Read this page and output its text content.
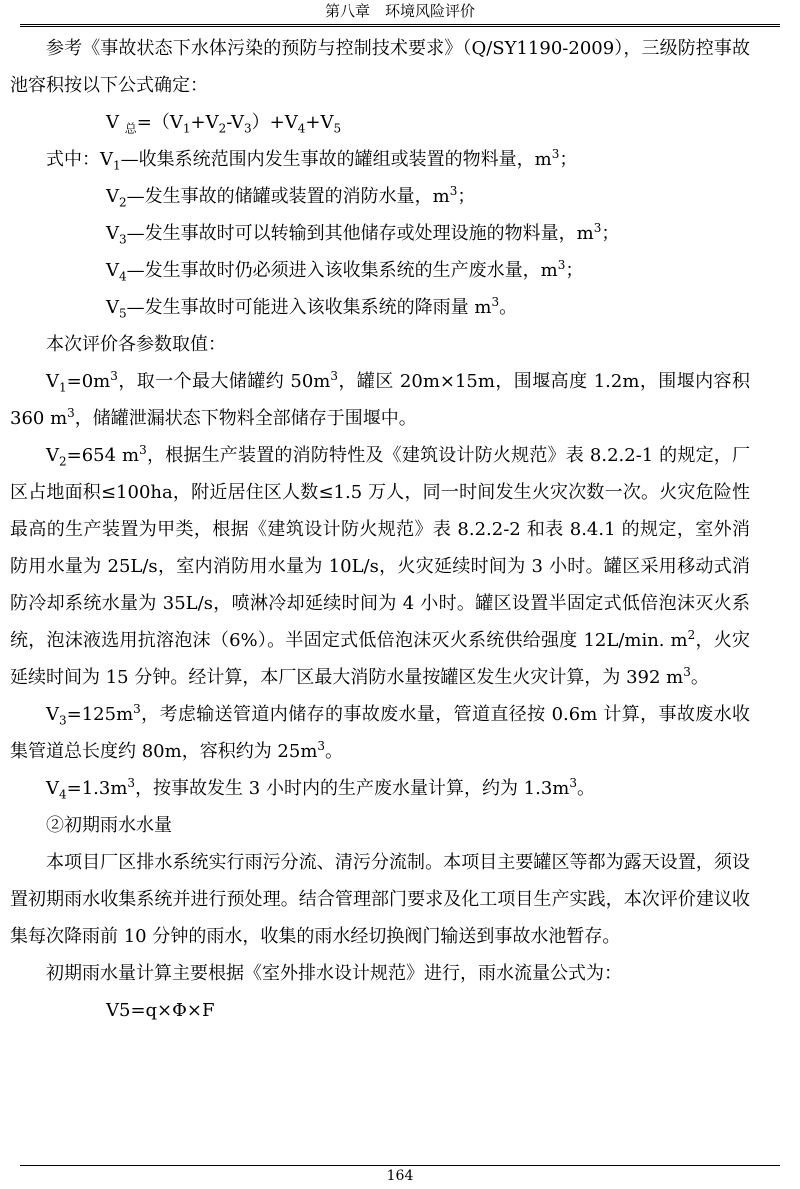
第八章　环境风险评价

参考《事故状态下水体污染的预防与控制技术要求》（Q/SY1190-2009），三级防控事故池容积按以下公式确定：

V $_总=(V_1+V_2-V_3)+V_4+V_5$

式中：$V_1—$收集系统范围内发生事故的罐组或装置的物料量，$m^3$；

$V_2—$发生事故的储罐或装置的消防水量，$m^3$；

$V_3—$发生事故时可以转输到其他储存或处理设施的物料量，$m^3$；

$V_4—$发生事故时仍必须进入该收集系统的生产废水量，$m^3$；

$V_5—$发生事故时可能进入该收集系统的降雨量 $m^3$。

本次评价各参数取值：

$V_1=0m^3$，取一个最大储罐约 $50m^3$，罐区 20m×15m，围堰高度 1.2m，围堰内容积 360 $m^3$，储罐泄漏状态下物料全部储存于围堰中。

$V_2=654$ $m^3$，根据生产装置的消防特性及《建筑设计防火规范》表 8.2.2-1 的规定，厂区占地面积≤100ha，附近居住区人数≤1.5 万人，同一时间发生火灾次数一次。火灾危险性最高的生产装置为甲类，根据《建筑设计防火规范》表 8.2.2-2 和表 8.4.1 的规定，室外消防用水量为 25L/s，室内消防用水量为 10L/s，火灾延续时间为 3 小时。罐区采用移动式消防冷却系统水量为 35L/s，喷淋冷却延续时间为 4 小时。罐区设置半固定式低倍泡沫灭火系统，泡沫液选用抗溶泡沫（6%）。半固定式低倍泡沫灭火系统供给强度 12L/min. $m^2$，火灾延续时间为 15 分钟。经计算，本厂区最大消防水量按罐区发生火灾计算，为 392 $m^3$。

$V_3=125m^3$，考虑输送管道内储存的事故废水量，管道直径按 0.6m 计算，事故废水收集管道总长度约 80m，容积约为 $25m^3$。

$V_4=1.3m^3$，按事故发生 3 小时内的生产废水量计算，约为 $1.3m^3$。

②初期雨水水量

本项目厂区排水系统实行雨污分流、清污分流制。本项目主要罐区等都为露天设置，须设置初期雨水收集系统并进行预处理。结合管理部门要求及化工项目生产实践，本次评价建议收集每次降雨前 10 分钟的雨水，收集的雨水经切换阀门输送到事故水池暂存。

初期雨水量计算主要根据《室外排水设计规范》进行，雨水流量公式为：

V5=q×Φ×F

164
